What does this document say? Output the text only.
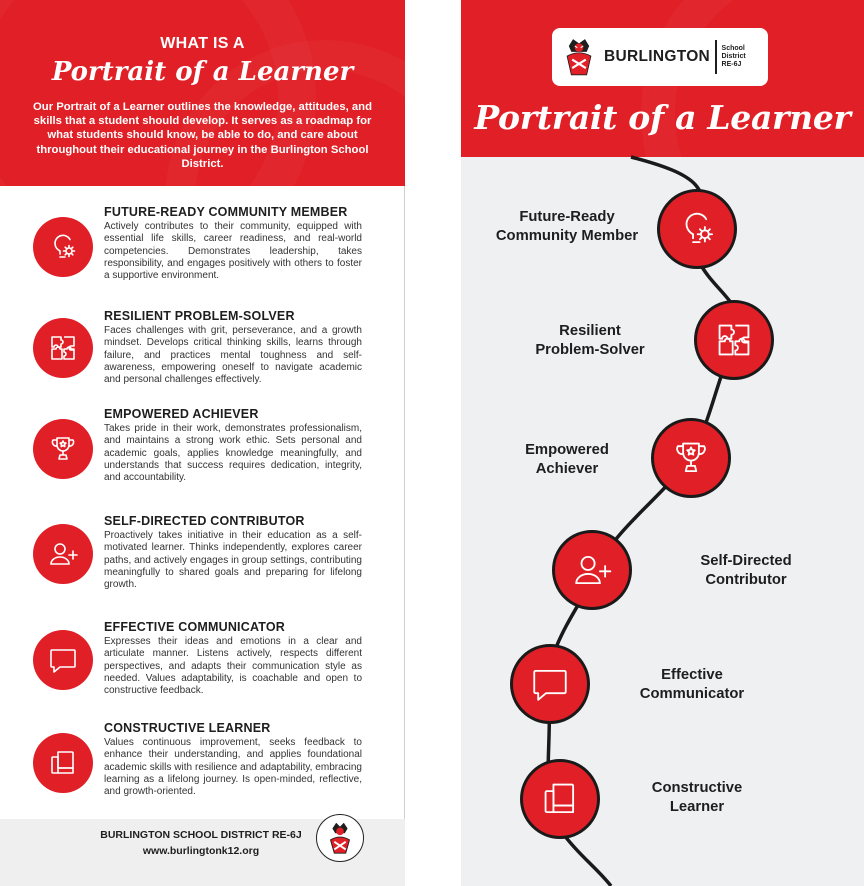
WHAT IS A
Portrait of a Learner
Our Portrait of a Learner outlines the knowledge, attitudes, and skills that a student should develop. It serves as a roadmap for what students should know, be able to do, and care about throughout their educational journey in the Burlington School District.
FUTURE-READY COMMUNITY MEMBER
Actively contributes to their community, equipped with essential life skills, career readiness, and real-world competencies. Demonstrates leadership, takes responsibility, and engages positively with others to foster a supportive environment.
RESILIENT PROBLEM-SOLVER
Faces challenges with grit, perseverance, and a growth mindset. Develops critical thinking skills, learns through failure, and practices mental toughness and self-awareness, empowering oneself to navigate academic and personal challenges effectively.
EMPOWERED ACHIEVER
Takes pride in their work, demonstrates professionalism, and maintains a strong work ethic. Sets personal and academic goals, applies knowledge meaningfully, and understands that success requires dedication, integrity, and accountability.
SELF-DIRECTED CONTRIBUTOR
Proactively takes initiative in their education as a self-motivated learner. Thinks independently, explores career paths, and actively engages in group settings, contributing meaningfully to shared goals and preparing for lifelong growth.
EFFECTIVE COMMUNICATOR
Expresses their ideas and emotions in a clear and articulate manner. Listens actively, respects different perspectives, and adapts their communication style as needed. Values adaptability, is coachable and open to constructive feedback.
CONSTRUCTIVE LEARNER
Values continuous improvement, seeks feedback to enhance their understanding, and applies foundational academic skills with resilience and adaptability, embracing learning as a lifelong journey. Is open-minded, reflective, and growth-oriented.
BURLINGTON SCHOOL DISTRICT RE-6J
www.burlingtonk12.org
BURLINGTON School
District
RE-6J
Portrait of a Learner
Future-Ready
Community Member
Resilient
Problem-Solver
Empowered
Achiever
Self-Directed
Contributor
Effective
Communicator
Constructive
Learner
